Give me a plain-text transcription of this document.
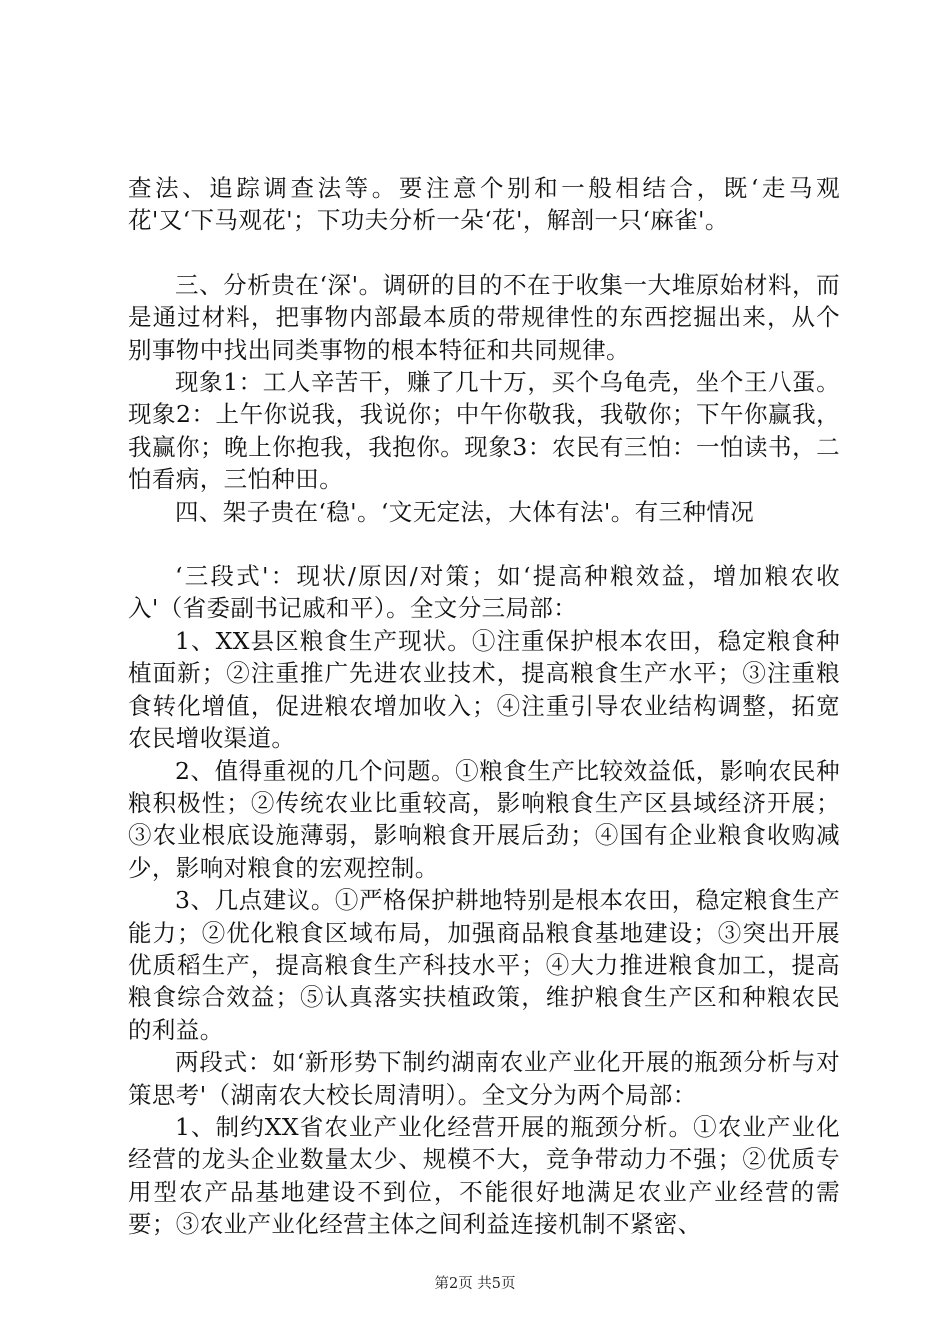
查法、追踪调查法等。要注意个别和一般相结合，既‘走马观花'又‘下马观花'；下功夫分析一朵‘花'，解剖一只‘麻雀'。

三、分析贵在‘深'。调研的目的不在于收集一大堆原始材料，而是通过材料，把事物内部最本质的带规律性的东西挖掘出来，从个别事物中找出同类事物的根本特征和共同规律。

现象1：工人辛苦干，赚了几十万，买个乌龟壳，坐个王八蛋。现象2：上午你说我，我说你；中午你敬我，我敬你；下午你赢我，我赢你；晚上你抱我，我抱你。现象3：农民有三怕：一怕读书，二怕看病，三怕种田。

四、架子贵在‘稳'。‘文无定法，大体有法'。有三种情况

‘三段式'：现状/原因/对策；如‘提高种粮效益，增加粮农收入'（省委副书记戚和平）。全文分三局部：

1、XX县区粮食生产现状。①注重保护根本农田，稳定粮食种植面新；②注重推广先进农业技术，提高粮食生产水平；③注重粮食转化增值，促进粮农增加收入；④注重引导农业结构调整，拓宽农民增收渠道。

2、值得重视的几个问题。①粮食生产比较效益低，影响农民种粮积极性；②传统农业比重较高，影响粮食生产区县域经济开展；③农业根底设施薄弱，影响粮食开展后劲；④国有企业粮食收购减少，影响对粮食的宏观控制。

3、几点建议。①严格保护耕地特别是根本农田，稳定粮食生产能力；②优化粮食区域布局，加强商品粮食基地建设；③突出开展优质稻生产，提高粮食生产科技水平；④大力推进粮食加工，提高粮食综合效益；⑤认真落实扶植政策，维护粮食生产区和种粮农民的利益。

两段式：如‘新形势下制约湖南农业产业化开展的瓶颈分析与对策思考'（湖南农大校长周清明）。全文分为两个局部：

1、制约XX省农业产业化经营开展的瓶颈分析。①农业产业化经营的龙头企业数量太少、规模不大，竞争带动力不强；②优质专用型农产品基地建设不到位，不能很好地满足农业产业经营的需要；③农业产业化经营主体之间利益连接机制不紧密、

第2页 共5页
